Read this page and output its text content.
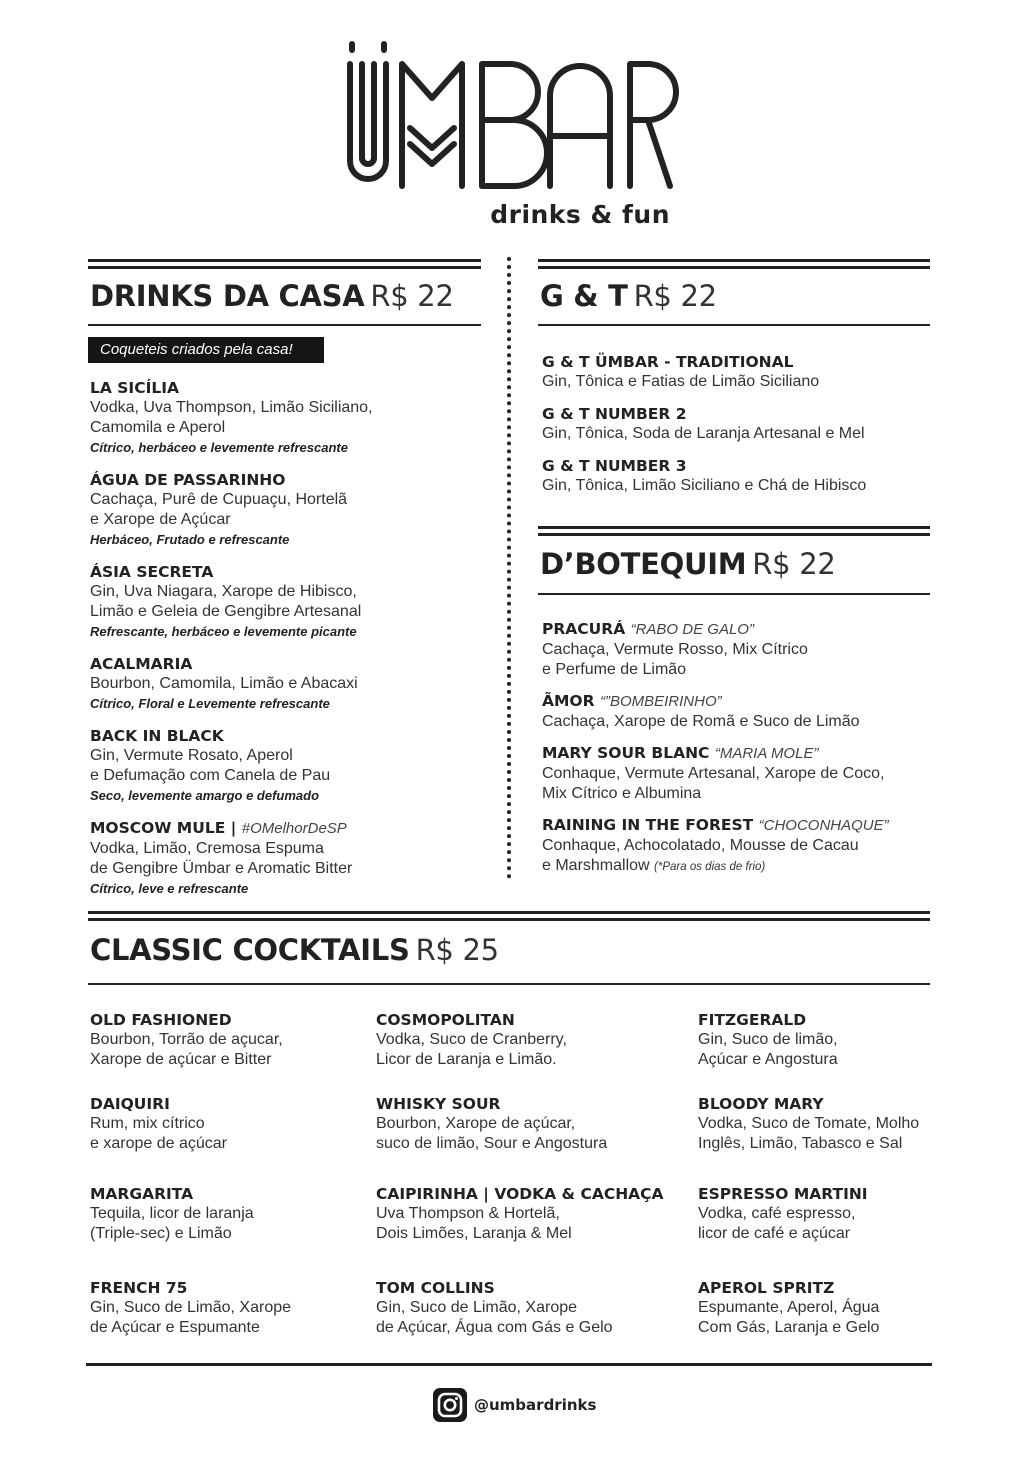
drinks & fun
DRINKS DA CASA R$ 22
Coqueteis criados pela casa!
LA SICÍLIA
Vodka, Uva Thompson, Limão Siciliano,
Camomila e Aperol
Cítrico, herbáceo e levemente refrescante
ÁGUA DE PASSARINHO
Cachaça, Purê de Cupuaçu, Hortelã
e Xarope de Açúcar
Herbáceo, Frutado e refrescante
ÁSIA SECRETA
Gin, Uva Niagara, Xarope de Hibisco,
Limão e Geleia de Gengibre Artesanal
Refrescante, herbáceo e levemente picante
ACALMARIA
Bourbon, Camomila, Limão e Abacaxi
Cítrico, Floral e Levemente refrescante
BACK IN BLACK
Gin, Vermute Rosato, Aperol
e Defumação com Canela de Pau
Seco, levemente amargo e defumado
MOSCOW MULE | #OMelhorDeSP
Vodka, Limão, Cremosa Espuma
de Gengibre Ümbar e Aromatic Bitter
Cítrico, leve e refrescante
G & T R$ 22
G & T ÜMBAR - TRADITIONAL
Gin, Tônica e Fatias de Limão Siciliano
G & T NUMBER 2
Gin, Tônica, Soda de Laranja Artesanal e Mel
G & T NUMBER 3
Gin, Tônica, Limão Siciliano e Chá de Hibisco
D’BOTEQUIM R$ 22
PRACURÁ “RABO DE GALO”
Cachaça, Vermute Rosso, Mix Cítrico
e Perfume de Limão
ÃMOR “”BOMBEIRINHO”
Cachaça, Xarope de Romã e Suco de Limão
MARY SOUR BLANC “MARIA MOLE”
Conhaque, Vermute Artesanal, Xarope de Coco,
Mix Cítrico e Albumina
RAINING IN THE FOREST “CHOCONHAQUE”
Conhaque, Achocolatado, Mousse de Cacau
e Marshmallow (*Para os dias de frio)
CLASSIC COCKTAILS R$ 25
OLD FASHIONED
Bourbon, Torrão de açucar,
Xarope de açúcar e Bitter
COSMOPOLITAN
Vodka, Suco de Cranberry,
Licor de Laranja e Limão.
FITZGERALD
Gin, Suco de limão,
Açúcar e Angostura
DAIQUIRI
Rum, mix cítrico
e xarope de açúcar
WHISKY SOUR
Bourbon, Xarope de açúcar,
suco de limão, Sour e Angostura
BLOODY MARY
Vodka, Suco de Tomate, Molho
Inglês, Limão, Tabasco e Sal
MARGARITA
Tequila, licor de laranja
(Triple-sec) e Limão
CAIPIRINHA | VODKA & CACHAÇA
Uva Thompson & Hortelã,
Dois Limões, Laranja & Mel
ESPRESSO MARTINI
Vodka, café espresso,
licor de café e açúcar
FRENCH 75
Gin, Suco de Limão, Xarope
de Açúcar e Espumante
TOM COLLINS
Gin, Suco de Limão, Xarope
de Açúcar, Água com Gás e Gelo
APEROL SPRITZ
Espumante, Aperol, Água
Com Gás, Laranja e Gelo
@umbardrinks
